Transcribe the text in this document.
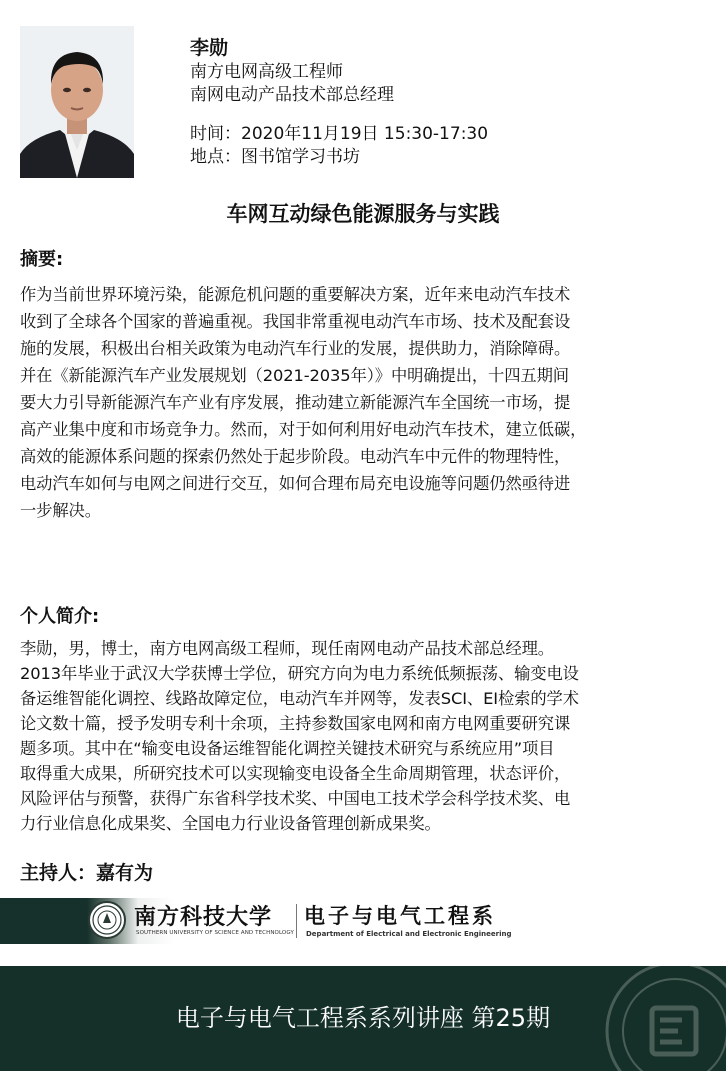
李勋
南方电网高级工程师
南网电动产品技术部总经理
时间：2020年11月19日 15:30-17:30
地点：图书馆学习书坊
车网互动绿色能源服务与实践
摘要:
作为当前世界环境污染，能源危机问题的重要解决方案，近年来电动汽车技术
收到了全球各个国家的普遍重视。我国非常重视电动汽车市场、技术及配套设
施的发展，积极出台相关政策为电动汽车行业的发展，提供助力，消除障碍。
并在《新能源汽车产业发展规划（2021-2035年）》中明确提出，十四五期间
要大力引导新能源汽车产业有序发展，推动建立新能源汽车全国统一市场，提
高产业集中度和市场竞争力。然而，对于如何利用好电动汽车技术，建立低碳，
高效的能源体系问题的探索仍然处于起步阶段。电动汽车中元件的物理特性，
电动汽车如何与电网之间进行交互，如何合理布局充电设施等问题仍然亟待进
一步解决。
个人简介:
李勋，男，博士，南方电网高级工程师，现任南网电动产品技术部总经理。
2013年毕业于武汉大学获博士学位，研究方向为电力系统低频振荡、输变电设
备运维智能化调控、线路故障定位，电动汽车并网等，发表SCI、EI检索的学术
论文数十篇，授予发明专利十余项，主持参数国家电网和南方电网重要研究课
题多项。其中在“输变电设备运维智能化调控关键技术研究与系统应用”项目
取得重大成果，所研究技术可以实现输变电设备全生命周期管理，状态评价，
风险评估与预警，获得广东省科学技术奖、中国电工技术学会科学技术奖、电
力行业信息化成果奖、全国电力行业设备管理创新成果奖。
主持人：嘉有为
南方科技大学
SOUTHERN UNIVERSITY OF SCIENCE AND TECHNOLOGY
电子与电气工程系
Department of Electrical and Electronic Engineering
电子与电气工程系系列讲座 第25期
